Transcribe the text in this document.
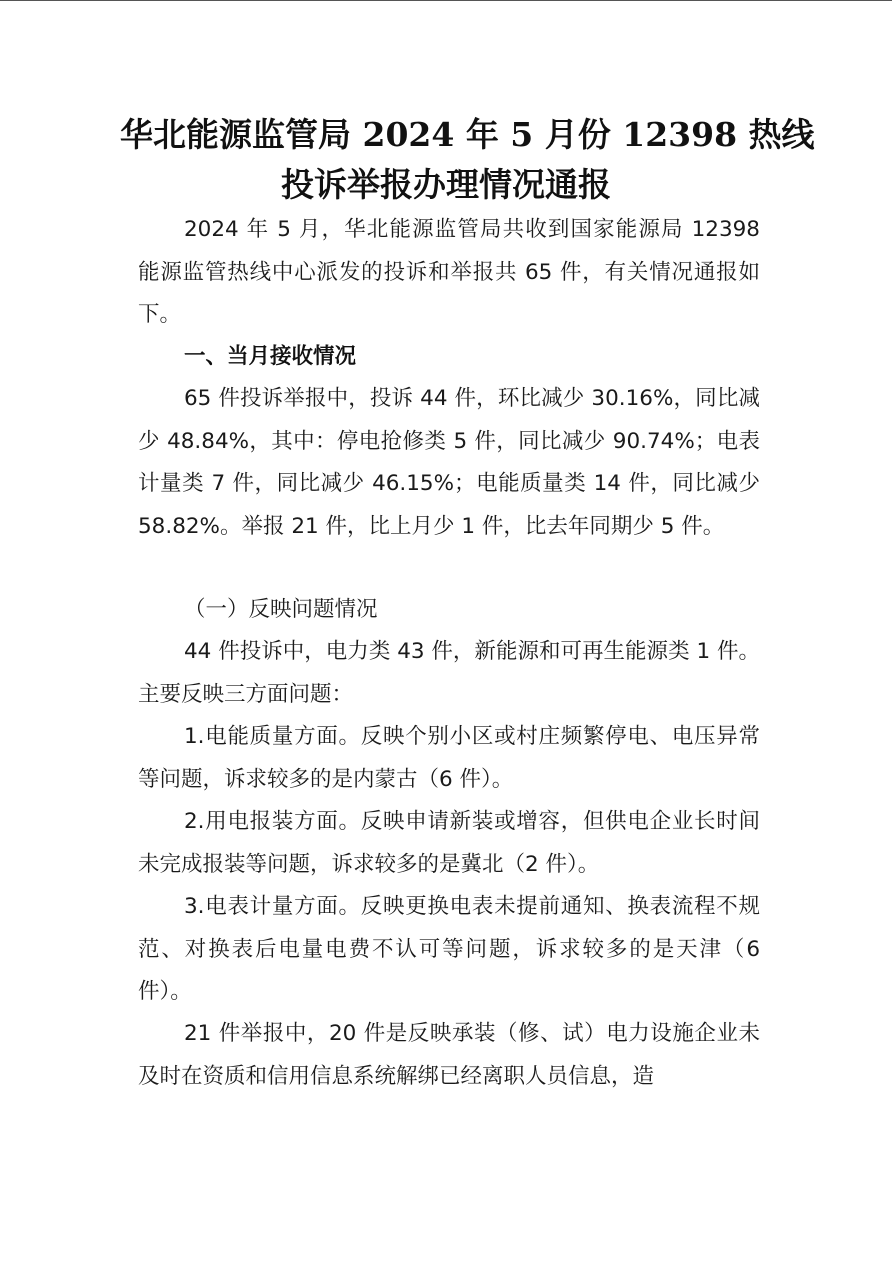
华北能源监管局 2024 年 5 月份 12398 热线
投诉举报办理情况通报

2024 年 5 月，华北能源监管局共收到国家能源局 12398 能源监管热线中心派发的投诉和举报共 65 件，有关情况通报如下。

一、当月接收情况

65 件投诉举报中，投诉 44 件，环比减少 30.16%，同比减少 48.84%，其中：停电抢修类 5 件，同比减少 90.74%；电表计量类 7 件，同比减少 46.15%；电能质量类 14 件，同比减少 58.82%。举报 21 件，比上月少 1 件，比去年同期少 5 件。

（一）反映问题情况

44 件投诉中，电力类 43 件，新能源和可再生能源类 1 件。主要反映三方面问题：

1.电能质量方面。反映个别小区或村庄频繁停电、电压异常等问题，诉求较多的是内蒙古（6 件）。

2.用电报装方面。反映申请新装或增容，但供电企业长时间未完成报装等问题，诉求较多的是冀北（2 件）。

3.电表计量方面。反映更换电表未提前通知、换表流程不规范、对换表后电量电费不认可等问题，诉求较多的是天津（6 件）。

21 件举报中，20 件是反映承装（修、试）电力设施企业未及时在资质和信用信息系统解绑已经离职人员信息，造
